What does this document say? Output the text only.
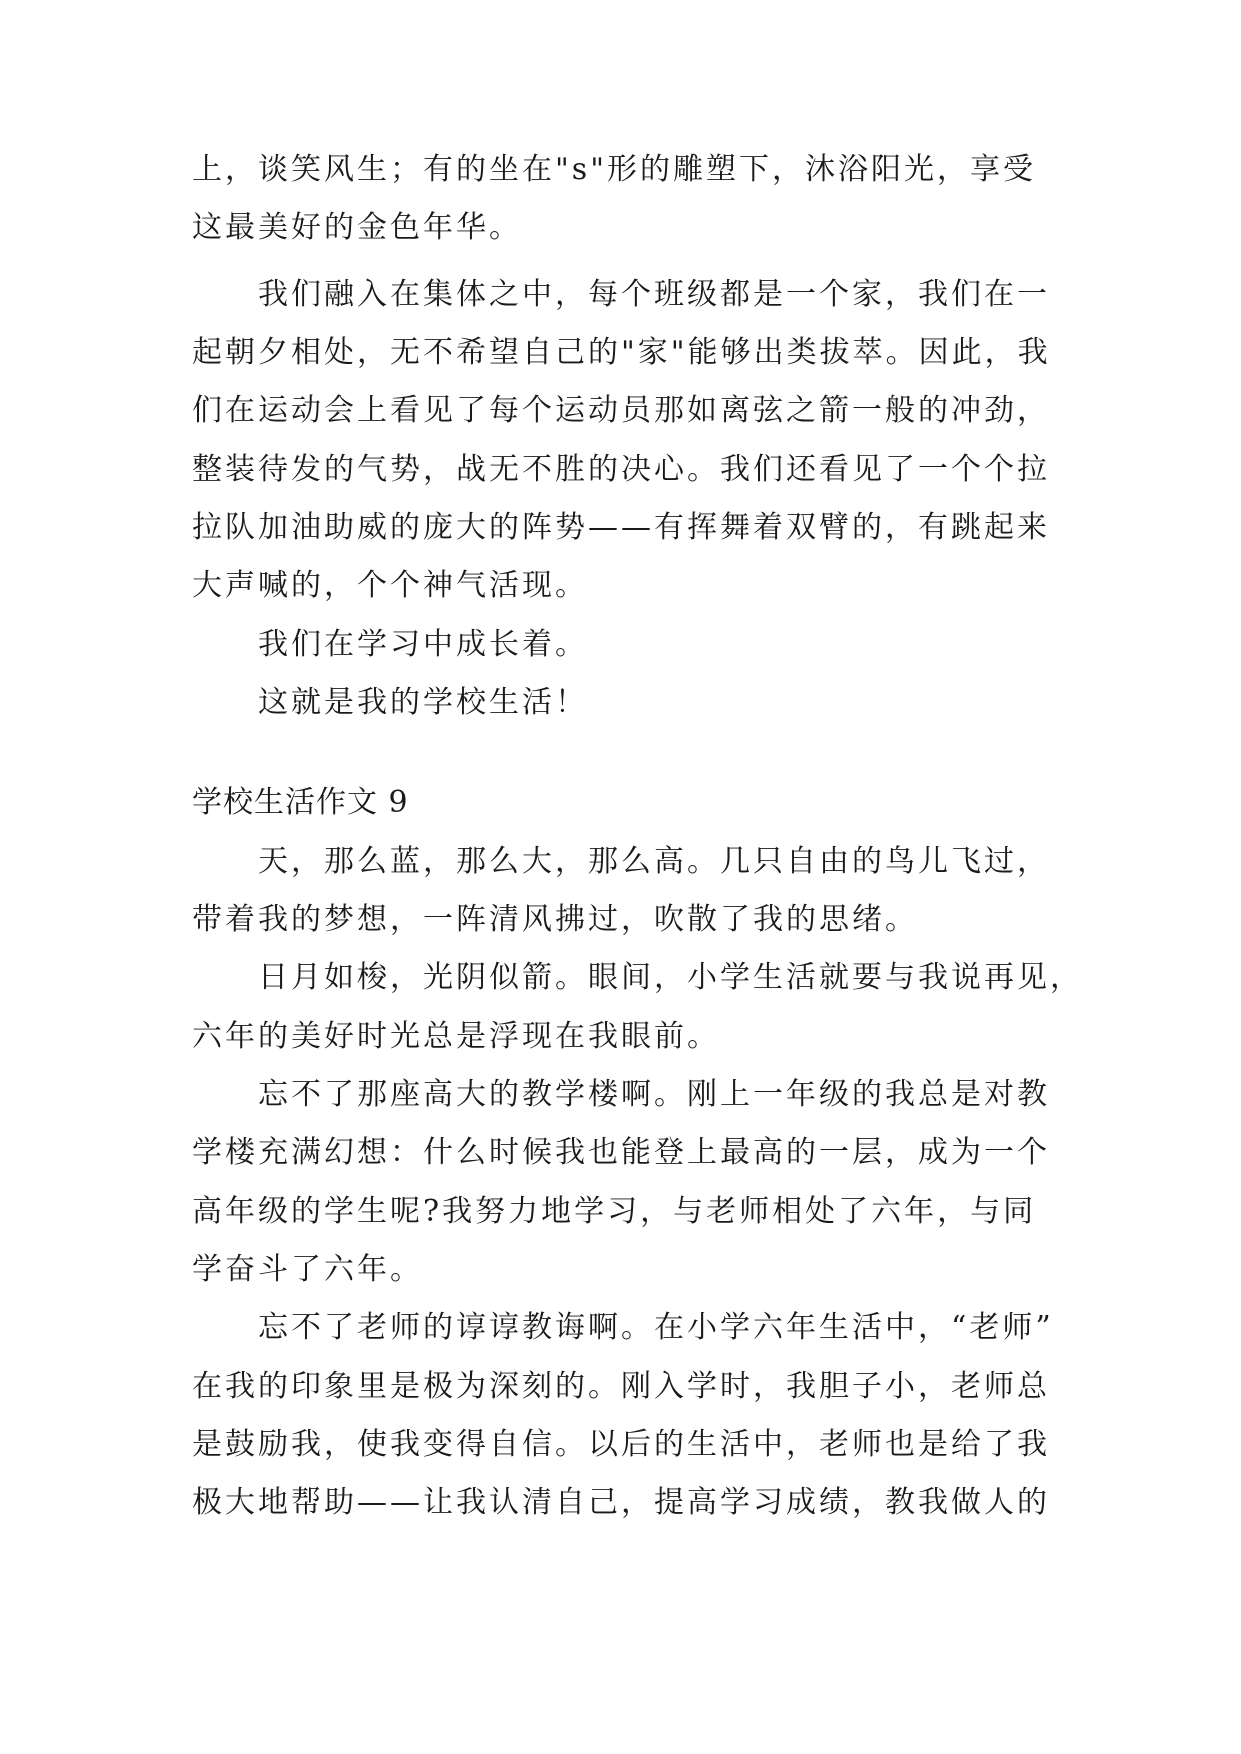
上，谈笑风生；有的坐在"s"形的雕塑下，沐浴阳光，享受
这最美好的金色年华。
我们融入在集体之中，每个班级都是一个家，我们在一
起朝夕相处，无不希望自己的"家"能够出类拔萃。因此，我
们在运动会上看见了每个运动员那如离弦之箭一般的冲劲，
整装待发的气势，战无不胜的决心。我们还看见了一个个拉
拉队加油助威的庞大的阵势——有挥舞着双臂的，有跳起来
大声喊的，个个神气活现。
我们在学习中成长着。
这就是我的学校生活！
学校生活作文 9
天，那么蓝，那么大，那么高。几只自由的鸟儿飞过，
带着我的梦想，一阵清风拂过，吹散了我的思绪。
日月如梭，光阴似箭。眼间，小学生活就要与我说再见，
六年的美好时光总是浮现在我眼前。
忘不了那座高大的教学楼啊。刚上一年级的我总是对教
学楼充满幻想：什么时候我也能登上最高的一层，成为一个
高年级的学生呢?我努力地学习，与老师相处了六年，与同
学奋斗了六年。
忘不了老师的谆谆教诲啊。在小学六年生活中，“老师”
在我的印象里是极为深刻的。刚入学时，我胆子小，老师总
是鼓励我，使我变得自信。以后的生活中，老师也是给了我
极大地帮助——让我认清自己，提高学习成绩，教我做人的
